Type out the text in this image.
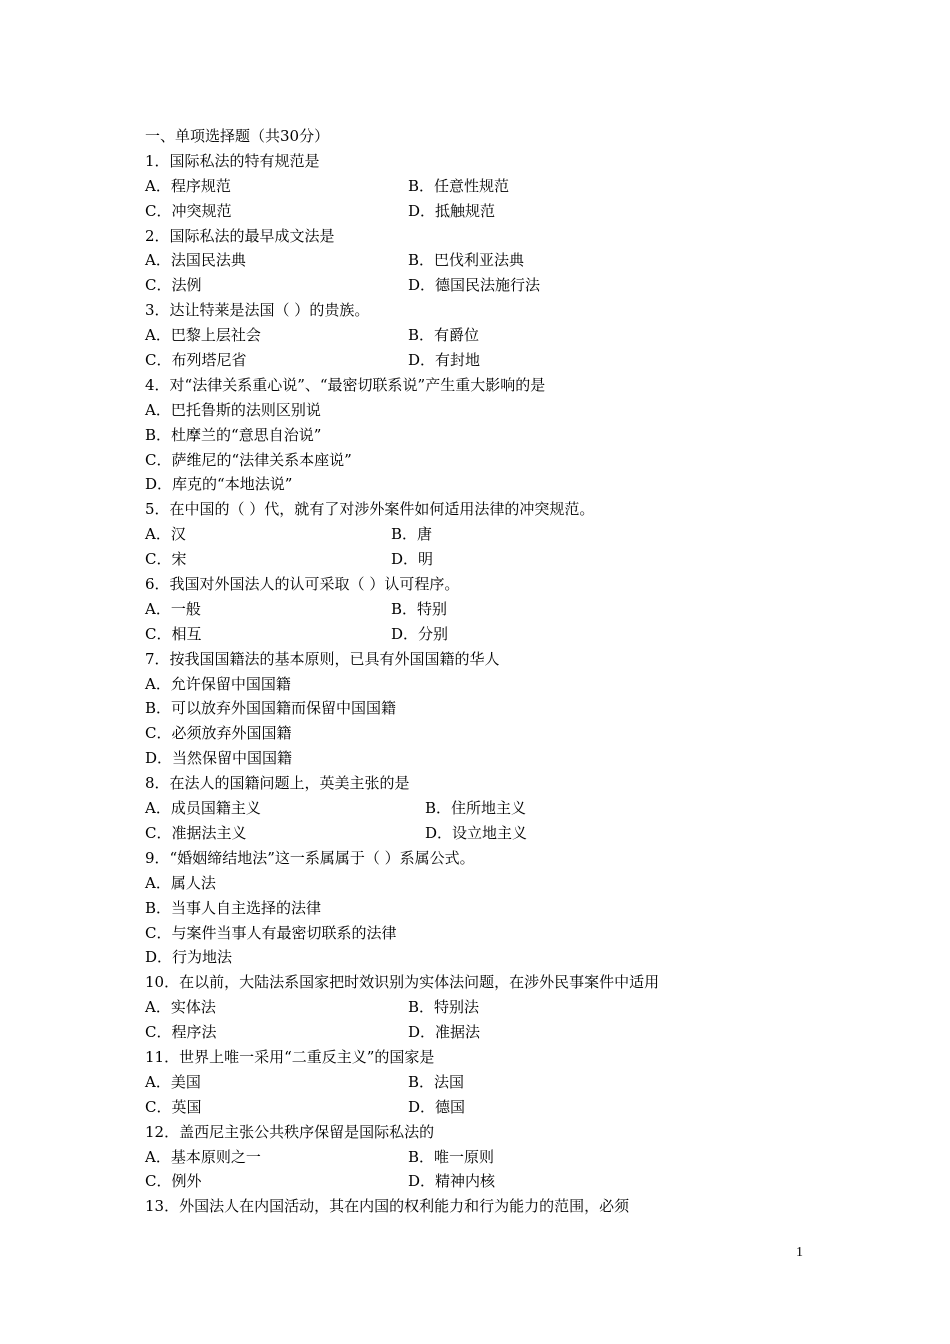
一、单项选择题（共30分）
1．国际私法的特有规范是
A．程序规范	B．任意性规范
C．冲突规范	D．抵触规范
2．国际私法的最早成文法是
A．法国民法典	B．巴伐利亚法典
C．法例	D．德国民法施行法
3．达让特莱是法国（ ）的贵族。
A．巴黎上层社会	B．有爵位
C．布列塔尼省	D．有封地
4．对“法律关系重心说”、“最密切联系说”产生重大影响的是
A．巴托鲁斯的法则区别说
B．杜摩兰的“意思自治说”
C．萨维尼的“法律关系本座说”
D．库克的“本地法说”
5．在中国的（ ）代，就有了对涉外案件如何适用法律的冲突规范。
A．汉	B．唐
C．宋	D．明
6．我国对外国法人的认可采取（ ）认可程序。
A．一般	B．特别
C．相互	D．分别
7．按我国国籍法的基本原则，已具有外国国籍的华人
A．允许保留中国国籍
B．可以放弃外国国籍而保留中国国籍
C．必须放弃外国国籍
D．当然保留中国国籍
8．在法人的国籍问题上，英美主张的是
A．成员国籍主义	B．住所地主义
C．准据法主义	D．设立地主义
9．“婚姻缔结地法”这一系属属于（ ）系属公式。
A．属人法
B．当事人自主选择的法律
C．与案件当事人有最密切联系的法律
D．行为地法
10．在以前，大陆法系国家把时效识别为实体法问题，在涉外民事案件中适用
A．实体法	B．特别法
C．程序法	D．准据法
11．世界上唯一采用“二重反主义”的国家是
A．美国	B．法国
C．英国	D．德国
12．盖西尼主张公共秩序保留是国际私法的
A．基本原则之一	B．唯一原则
C．例外	D．精神内核
13．外国法人在内国活动，其在内国的权利能力和行为能力的范围，必须
1
